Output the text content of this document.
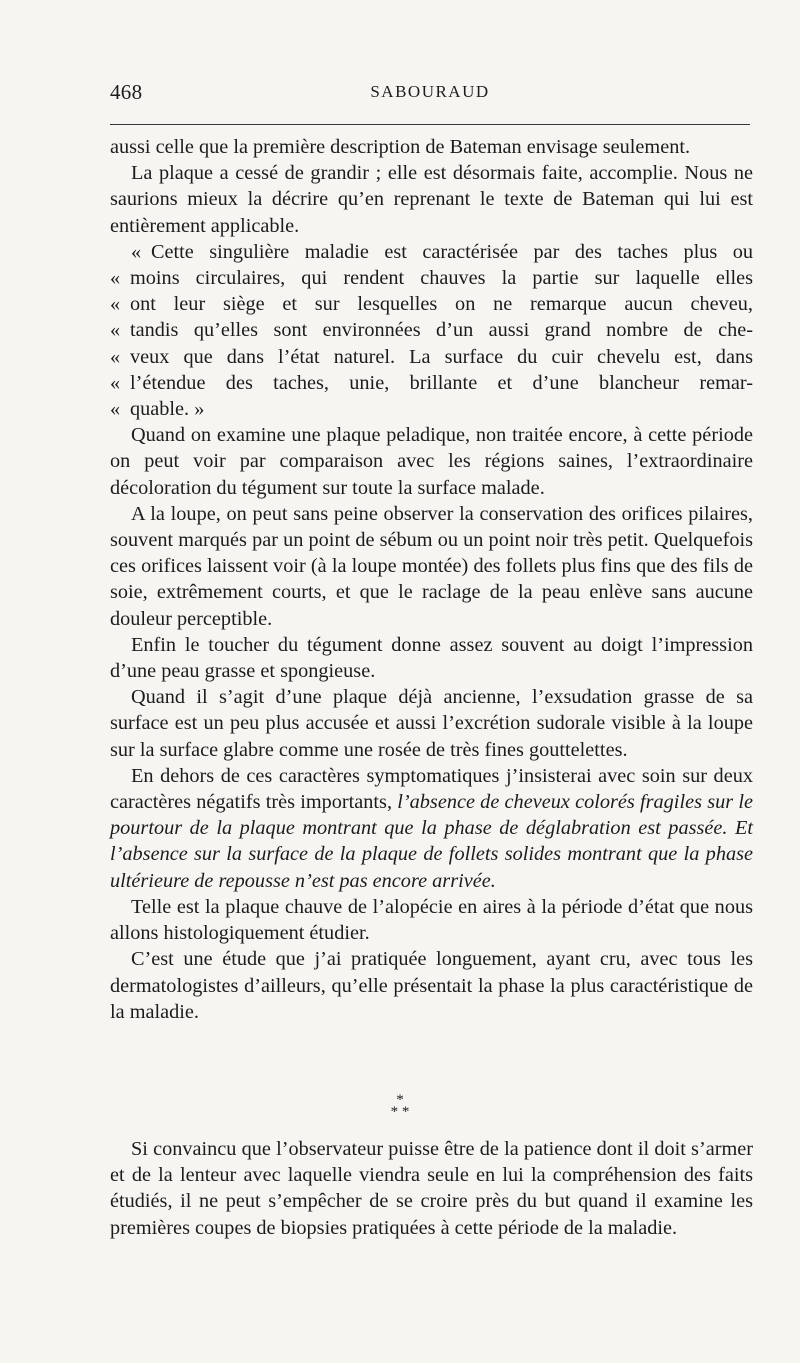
468	SABOURAUD

aussi celle que la première description de Bateman envisage seulement.

La plaque a cessé de grandir ; elle est désormais faite, accomplie. Nous ne saurions mieux la décrire qu’en reprenant le texte de Bateman qui lui est entièrement applicable.

« Cette singulière maladie est caractérisée par des taches plus ou
« moins circulaires, qui rendent chauves la partie sur laquelle elles
« ont leur siège et sur lesquelles on ne remarque aucun cheveu,
« tandis qu’elles sont environnées d’un aussi grand nombre de che-
« veux que dans l’état naturel. La surface du cuir chevelu est, dans
« l’étendue des taches, unie, brillante et d’une blancheur remar-
« quable. »

Quand on examine une plaque peladique, non traitée encore, à cette période on peut voir par comparaison avec les régions saines, l’extraordinaire décoloration du tégument sur toute la surface malade.

A la loupe, on peut sans peine observer la conservation des orifices pilaires, souvent marqués par un point de sébum ou un point noir très petit. Quelquefois ces orifices laissent voir (à la loupe montée) des follets plus fins que des fils de soie, extrêmement courts, et que le raclage de la peau enlève sans aucune douleur perceptible.

Enfin le toucher du tégument donne assez souvent au doigt l’impression d’une peau grasse et spongieuse.

Quand il s’agit d’une plaque déjà ancienne, l’exsudation grasse de sa surface est un peu plus accusée et aussi l’excrétion sudorale visible à la loupe sur la surface glabre comme une rosée de très fines gouttelettes.

En dehors de ces caractères symptomatiques j’insisterai avec soin sur deux caractères négatifs très importants, l’absence de cheveux colorés fragiles sur le pourtour de la plaque montrant que la phase de déglabration est passée. Et l’absence sur la surface de la plaque de follets solides montrant que la phase ultérieure de repousse n’est pas encore arrivée.

Telle est la plaque chauve de l’alopécie en aires à la période d’état que nous allons histologiquement étudier.

C’est une étude que j’ai pratiquée longuement, ayant cru, avec tous les dermatologistes d’ailleurs, qu’elle présentait la phase la plus caractéristique de la maladie.

*
* *

Si convaincu que l’observateur puisse être de la patience dont il doit s’armer et de la lenteur avec laquelle viendra seule en lui la compréhension des faits étudiés, il ne peut s’empêcher de se croire près du but quand il examine les premières coupes de biopsies pratiquées à cette période de la maladie.
